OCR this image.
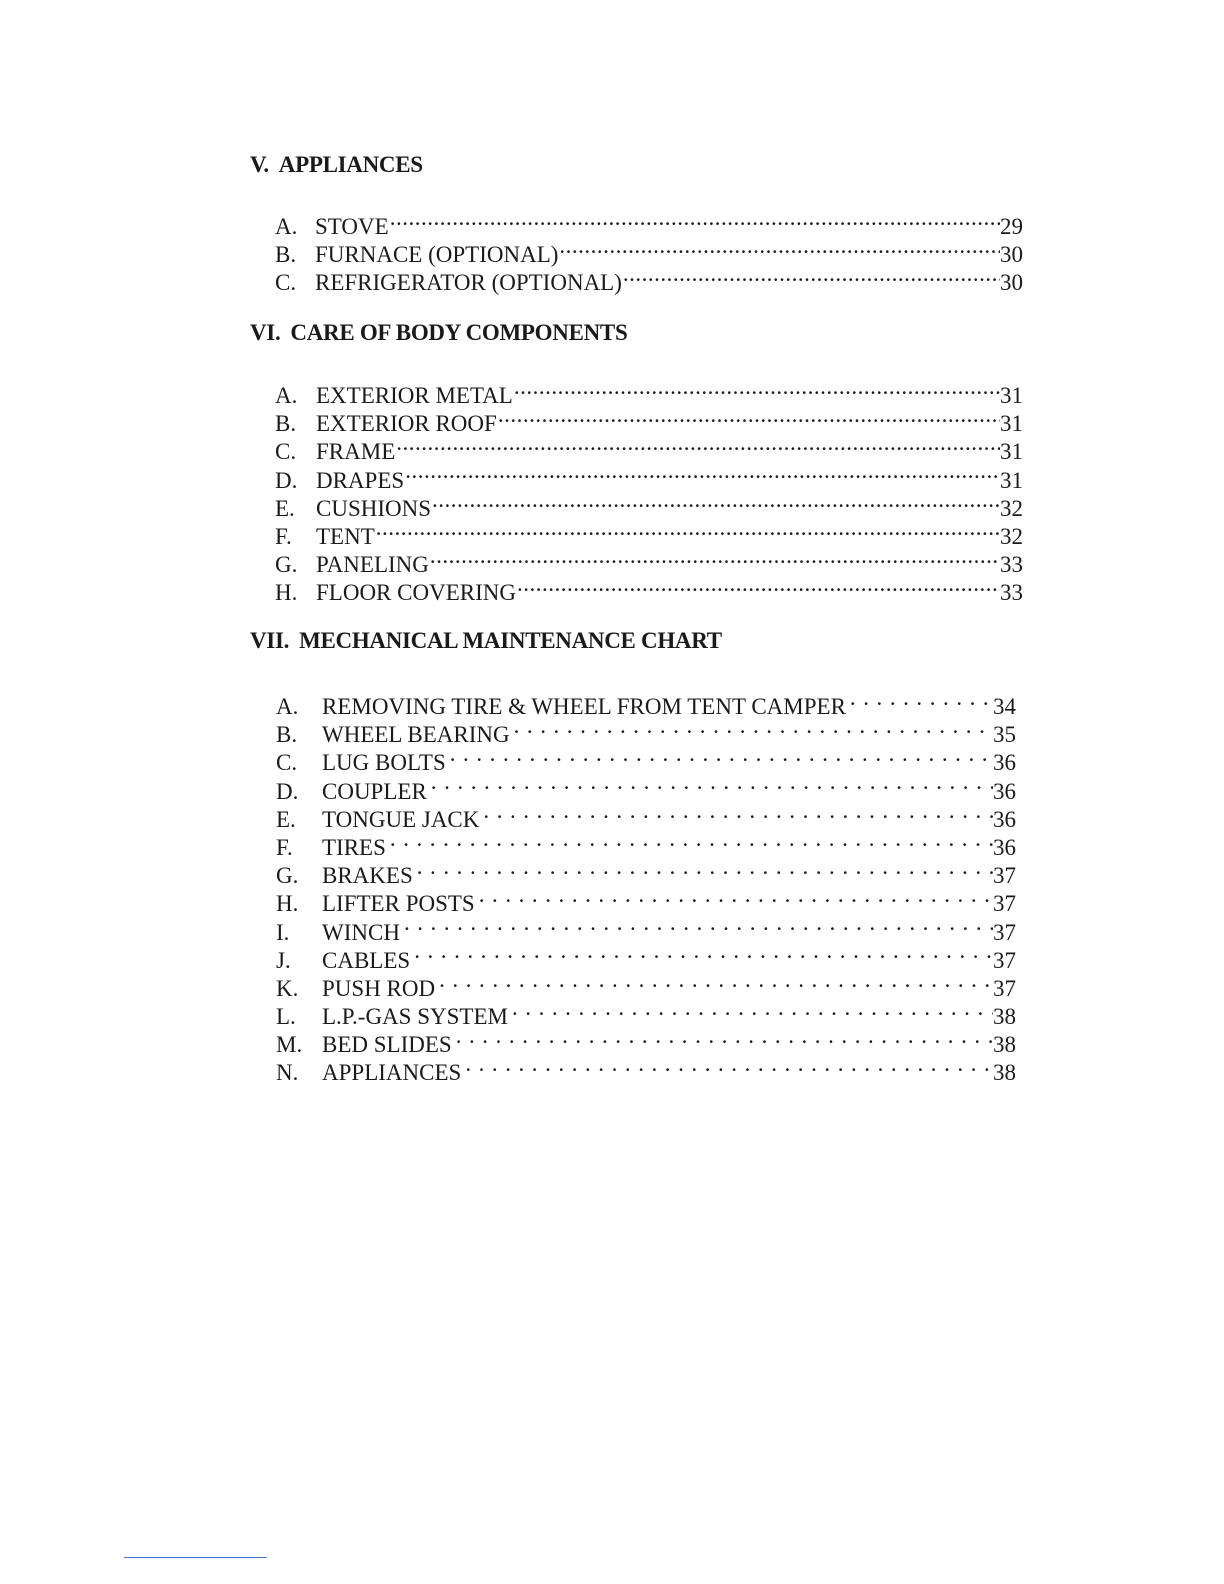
V. APPLIANCES
A. STOVE .....	29
B. FURNACE (OPTIONAL) .....	30
C. REFRIGERATOR (OPTIONAL) .....	30
VI. CARE OF BODY COMPONENTS
A. EXTERIOR METAL .....	31
B. EXTERIOR ROOF .....	31
C. FRAME .....	31
D. DRAPES .....	31
E. CUSHIONS .....	32
F.	TENT .....	32
G. PANELING .....	33
H. FLOOR COVERING .....	33
VII. MECHANICAL MAINTENANCE CHART
A.	REMOVING TIRE & WHEEL FROM TENT CAMPER . . .	34
B.	WHEEL BEARING . . .	35
C.	LUG BOLTS . . .	36
D.	COUPLER . . .	36
E.	TONGUE JACK . . .	36
F.	TIRES . . .	36
G.	BRAKES . . .	37
H.	LIFTER POSTS . . .	37
I.	WINCH . . .	37
J.	CABLES . . .	37
K.	PUSH ROD . . .	37
L.	L.P.-GAS SYSTEM . . .	38
M. BED SLIDES . . .	38
N.	APPLIANCES . . .	38
